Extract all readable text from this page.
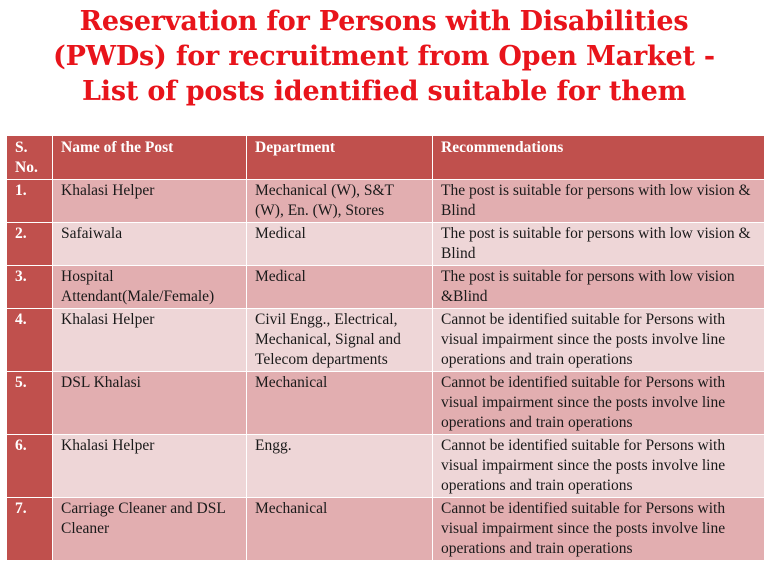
Reservation for Persons with Disabilities
(PWDs) for recruitment from Open Market -
List of posts identified suitable for them
S. No.	Name of the Post	Department	Recommendations
1.	Khalasi Helper	Mechanical (W), S&T (W), En. (W), Stores	The post is suitable for persons with low vision & Blind
2.	Safaiwala	Medical	The post is suitable for persons with low vision & Blind
3.	Hospital Attendant(Male/Female)	Medical	The post is suitable for persons with low vision &Blind
4.	Khalasi Helper	Civil Engg., Electrical, Mechanical, Signal and Telecom departments	Cannot be identified suitable for Persons with visual impairment since the posts involve line operations and train operations
5.	DSL Khalasi	Mechanical	Cannot be identified suitable for Persons with visual impairment since the posts involve line operations and train operations
6.	Khalasi Helper	Engg.	Cannot be identified suitable for Persons with visual impairment since the posts involve line operations and train operations
7.	Carriage Cleaner and DSL Cleaner	Mechanical	Cannot be identified suitable for Persons with visual impairment since the posts involve line operations and train operations
